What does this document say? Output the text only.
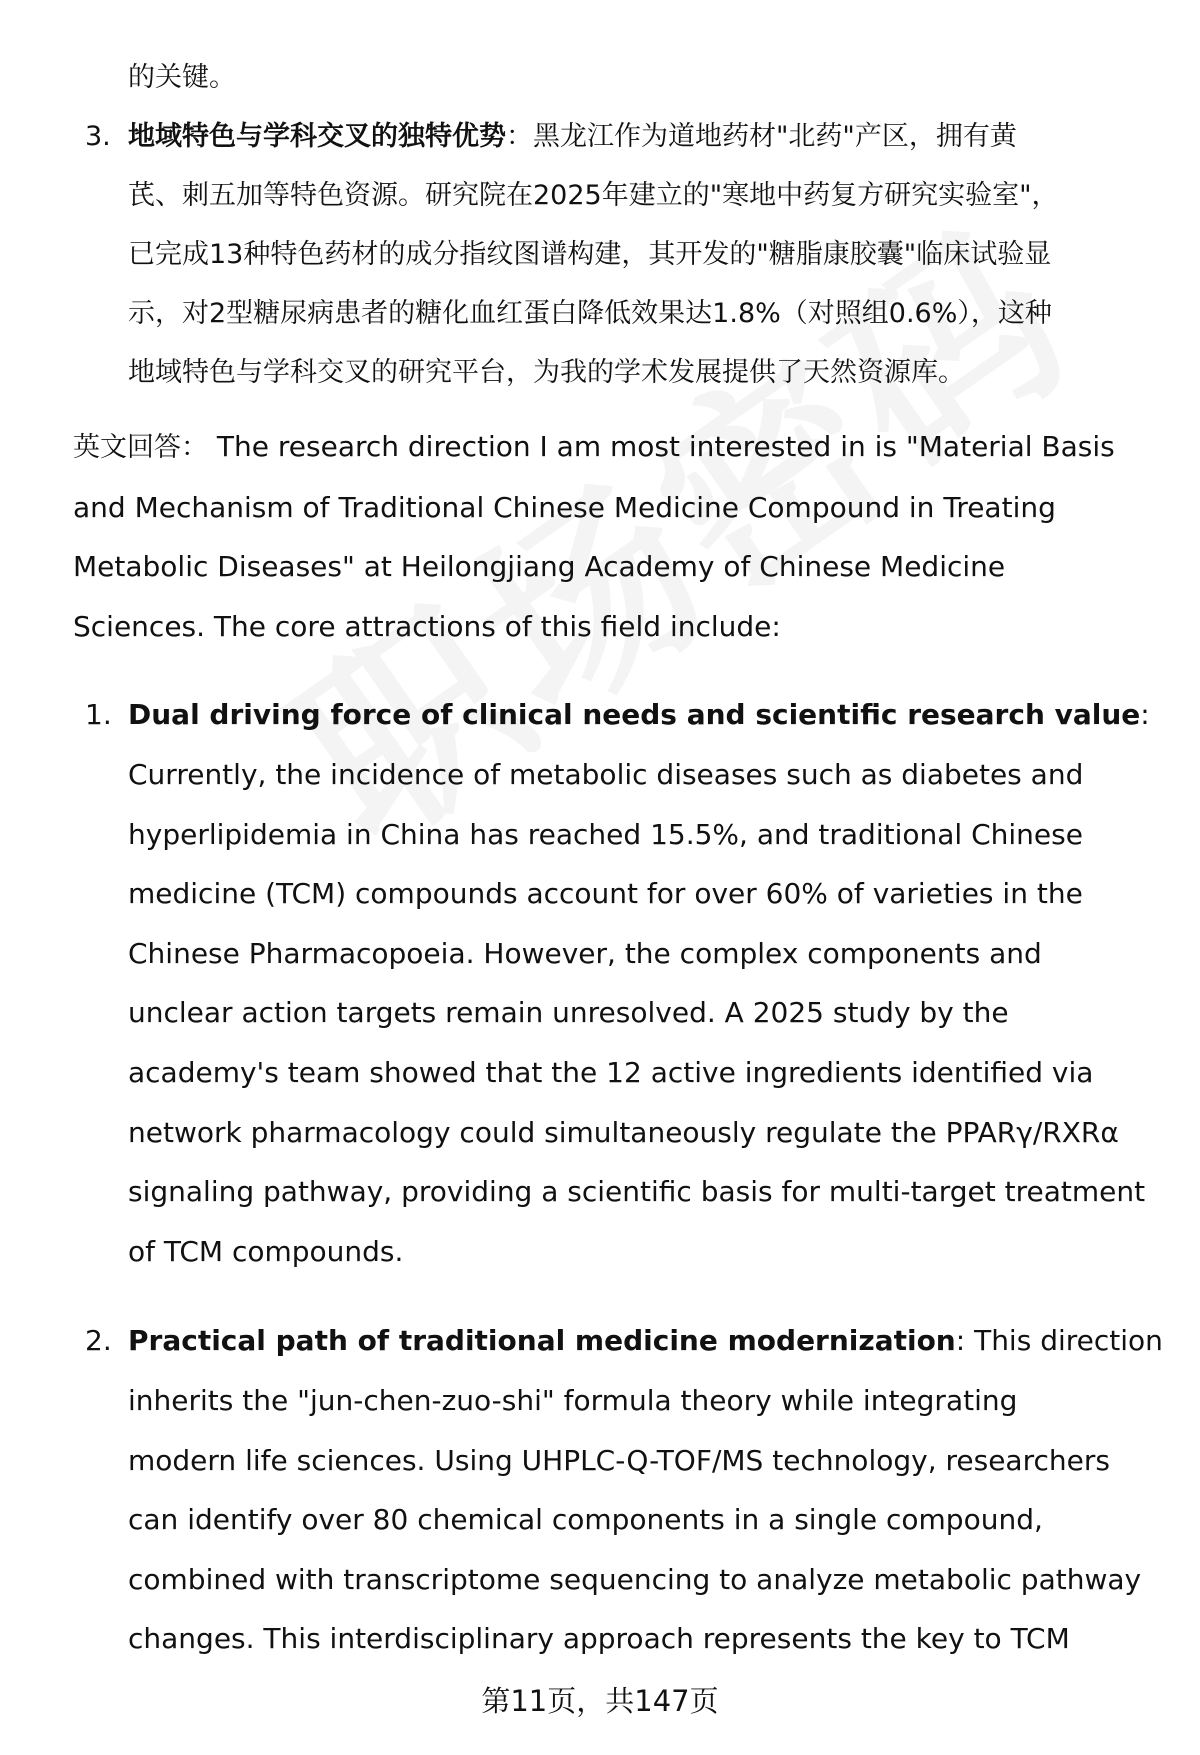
的关键。
3. 地域特色与学科交叉的独特优势：黑龙江作为道地药材"北药"产区，拥有黄
芪、刺五加等特色资源。研究院在2025年建立的"寒地中药复方研究实验室"，
已完成13种特色药材的成分指纹图谱构建，其开发的"糖脂康胶囊"临床试验显
示，对2型糖尿病患者的糖化血红蛋白降低效果达1.8%（对照组0.6%），这种
地域特色与学科交叉的研究平台，为我的学术发展提供了天然资源库。
英文回答： The research direction I am most interested in is "Material Basis
and Mechanism of Traditional Chinese Medicine Compound in Treating
Metabolic Diseases" at Heilongjiang Academy of Chinese Medicine
Sciences. The core attractions of this field include:
1. Dual driving force of clinical needs and scientific research value:
Currently, the incidence of metabolic diseases such as diabetes and
hyperlipidemia in China has reached 15.5%, and traditional Chinese
medicine (TCM) compounds account for over 60% of varieties in the
Chinese Pharmacopoeia. However, the complex components and
unclear action targets remain unresolved. A 2025 study by the
academy's team showed that the 12 active ingredients identified via
network pharmacology could simultaneously regulate the PPARγ/RXRα
signaling pathway, providing a scientific basis for multi-target treatment
of TCM compounds.
2. Practical path of traditional medicine modernization: This direction
inherits the "jun-chen-zuo-shi" formula theory while integrating
modern life sciences. Using UHPLC-Q-TOF/MS technology, researchers
can identify over 80 chemical components in a single compound,
combined with transcriptome sequencing to analyze metabolic pathway
changes. This interdisciplinary approach represents the key to TCM
第11页，共147页
